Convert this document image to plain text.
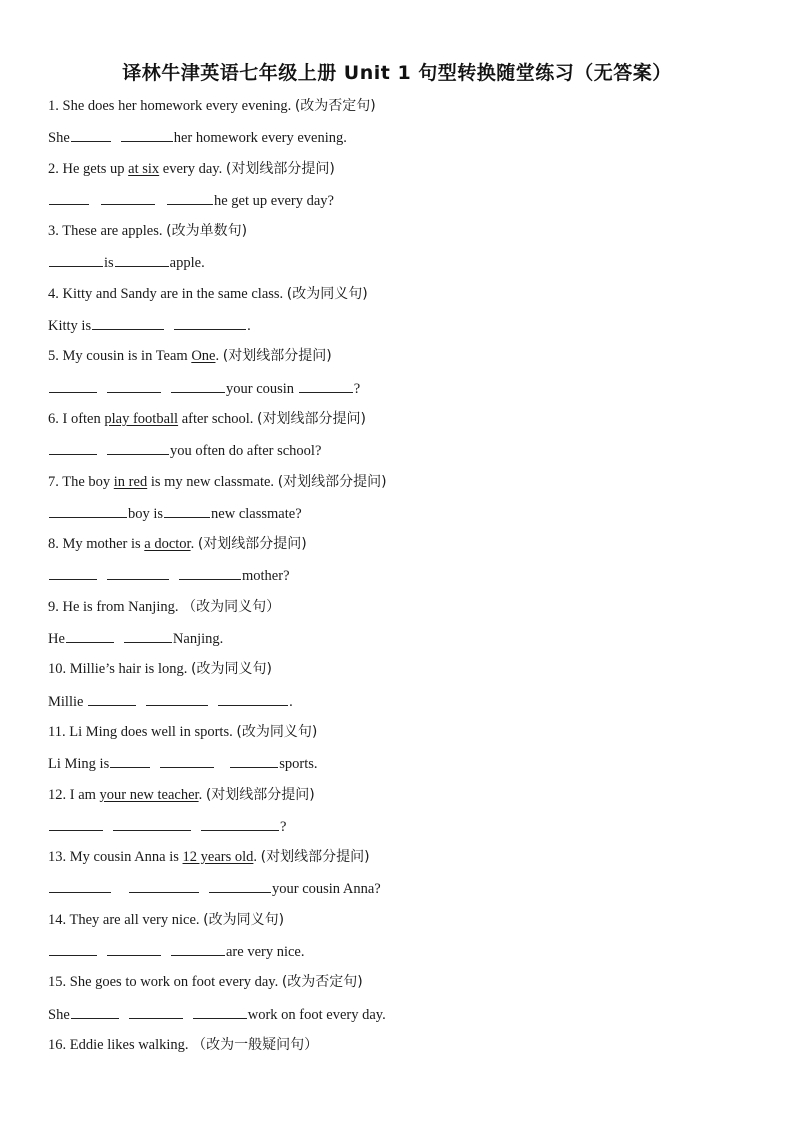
译林牛津英语七年级上册 Unit 1 句型转换随堂练习（无答案）
1. She does her homework every evening. (改为否定句)
She	her homework every evening.
2. He gets up at six every day. (对划线部分提问)
he get up every day?
3. These are apples. (改为单数句)
is	apple.
4. Kitty and Sandy are in the same class. (改为同义句)
Kitty is	.
5. My cousin is in Team One. (对划线部分提问)
your cousin	?
6. I often play football after school. (对划线部分提问)
you often do after school?
7. The boy in red is my new classmate. (对划线部分提问)
boy is	new classmate?
8. My mother is a doctor. (对划线部分提问)
mother?
9. He is from Nanjing. （改为同义句）
He	Nanjing.
10. Millie’s hair is long. (改为同义句)
Millie	.
11. Li Ming does well in sports. (改为同义句)
Li Ming is	sports.
12. I am your new teacher. (对划线部分提问)
?
13. My cousin Anna is 12 years old. (对划线部分提问)
your cousin Anna?
14. They are all very nice. (改为同义句)
are very nice.
15. She goes to work on foot every day. (改为否定句)
She	work on foot every day.
16. Eddie likes walking. （改为一般疑问句）
